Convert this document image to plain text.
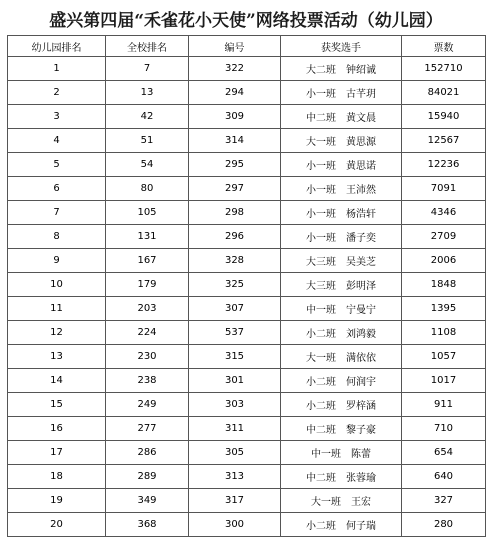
盛兴第四届“禾雀花小天使”网络投票活动（幼儿园）
幼儿园排名	全校排名	编号	获奖选手	票数
1	7	322	大二班　钟绍诚	152710
2	13	294	小一班　古芊玥	84021
3	42	309	中二班　黄文晨	15940
4	51	314	大一班　黄思源	12567
5	54	295	小一班　黄思诺	12236
6	80	297	小一班　王沛然	7091
7	105	298	小一班　杨浩轩	4346
8	131	296	小一班　潘子奕	2709
9	167	328	大三班　吴美芝	2006
10	179	325	大三班　彭明泽	1848
11	203	307	中一班　宁曼宁	1395
12	224	537	小二班　刘鸿毅	1108
13	230	315	大一班　满依依	1057
14	238	301	小二班　何润宇	1017
15	249	303	小二班　罗梓涵	911
16	277	311	中二班　黎子豪	710
17	286	305	中一班　陈蕾	654
18	289	313	中二班　张蓉瑜	640
19	349	317	大一班　王宏	327
20	368	300	小二班　何子瑞	280
